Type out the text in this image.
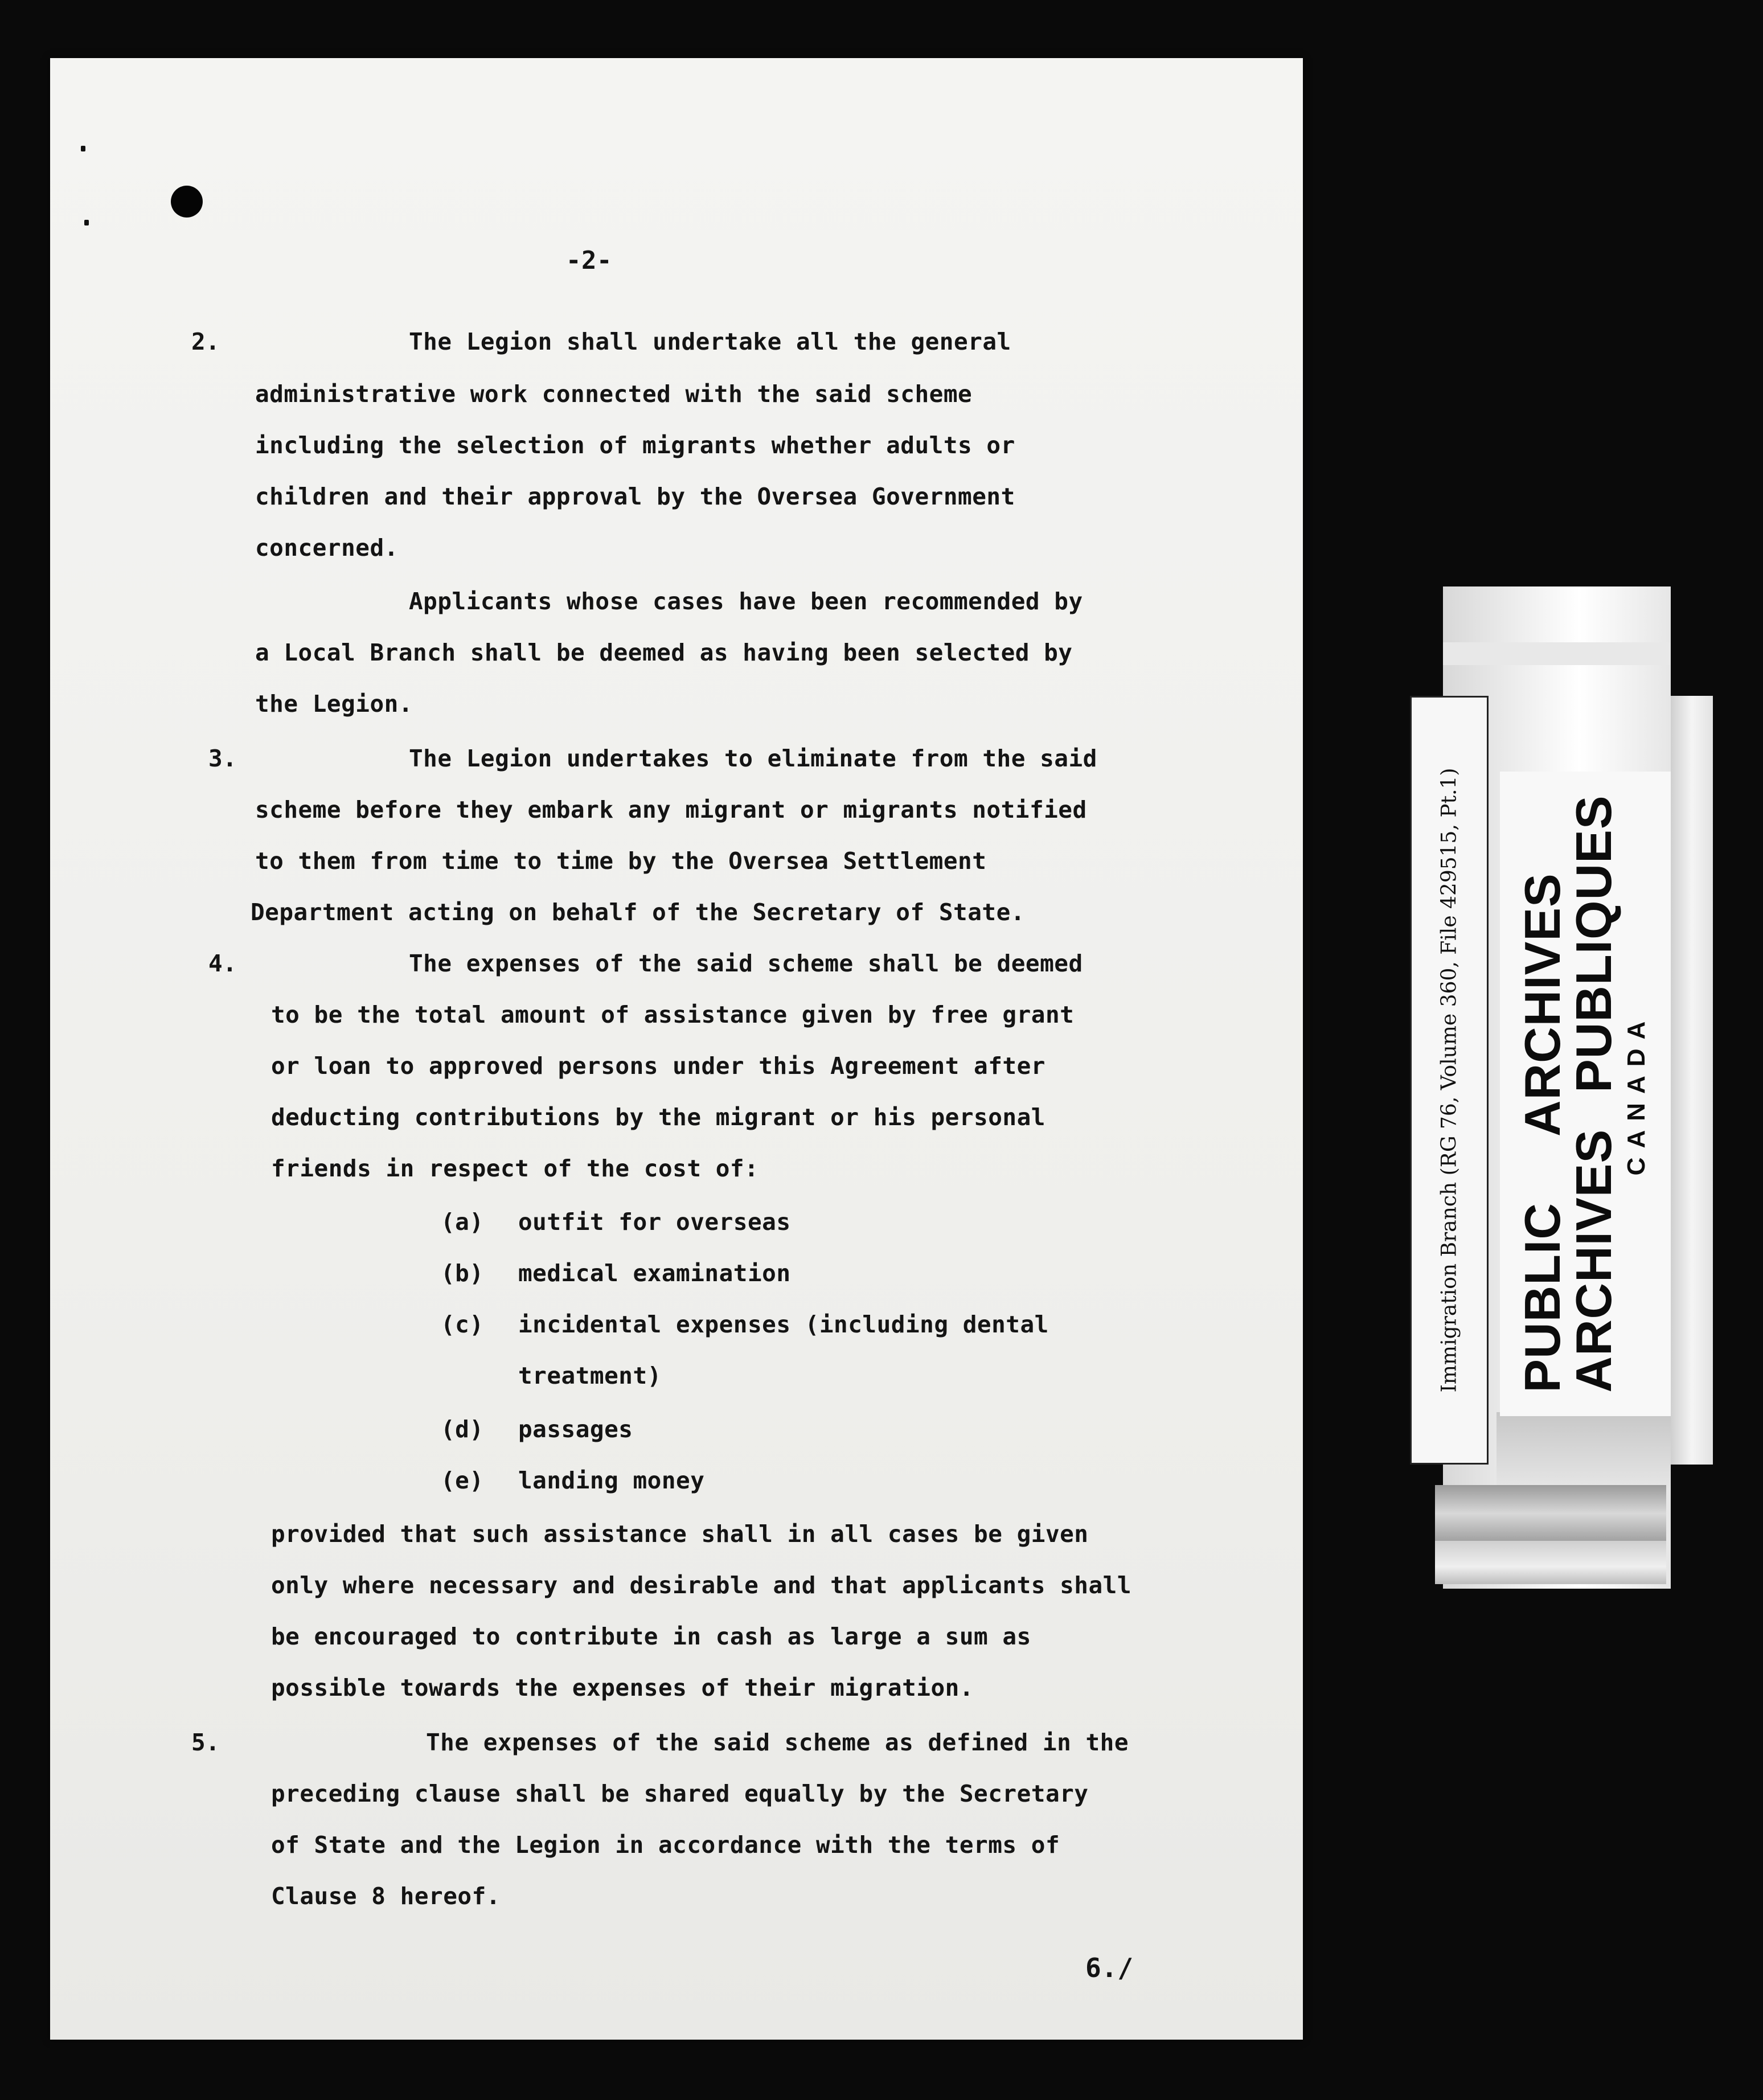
-2-
2.	The Legion shall undertake all the general
administrative work connected with the said scheme
including the selection of migrants whether adults or
children and their approval by the Oversea Government
concerned.
Applicants whose cases have been recommended by
a Local Branch shall be deemed as having been selected by
the Legion.
3.	The Legion undertakes to eliminate from the said
scheme before they embark any migrant or migrants notified
to them from time to time by the Oversea Settlement
Department acting on behalf of the Secretary of State.
4.	The expenses of the said scheme shall be deemed
to be the total amount of assistance given by free grant
or loan to approved persons under this Agreement after
deducting contributions by the migrant or his personal
friends in respect of the cost of:
(a) outfit for overseas
(b) medical examination
(c) incidental expenses (including dental
treatment)
(d) passages
(e) landing money
provided that such assistance shall in all cases be given
only where necessary and desirable and that applicants shall
be encouraged to contribute in cash as large a sum as
possible towards the expenses of their migration.
5.	The expenses of the said scheme as defined in the
preceding clause shall be shared equally by the Secretary
of State and the Legion in accordance with the terms of
Clause 8 hereof.
6./
Immigration Branch (RG 76, Volume 360, File 429515, Pt.1) PUBLICARCHIVES
ARCHIVESPUBLIQUES
CANADA
